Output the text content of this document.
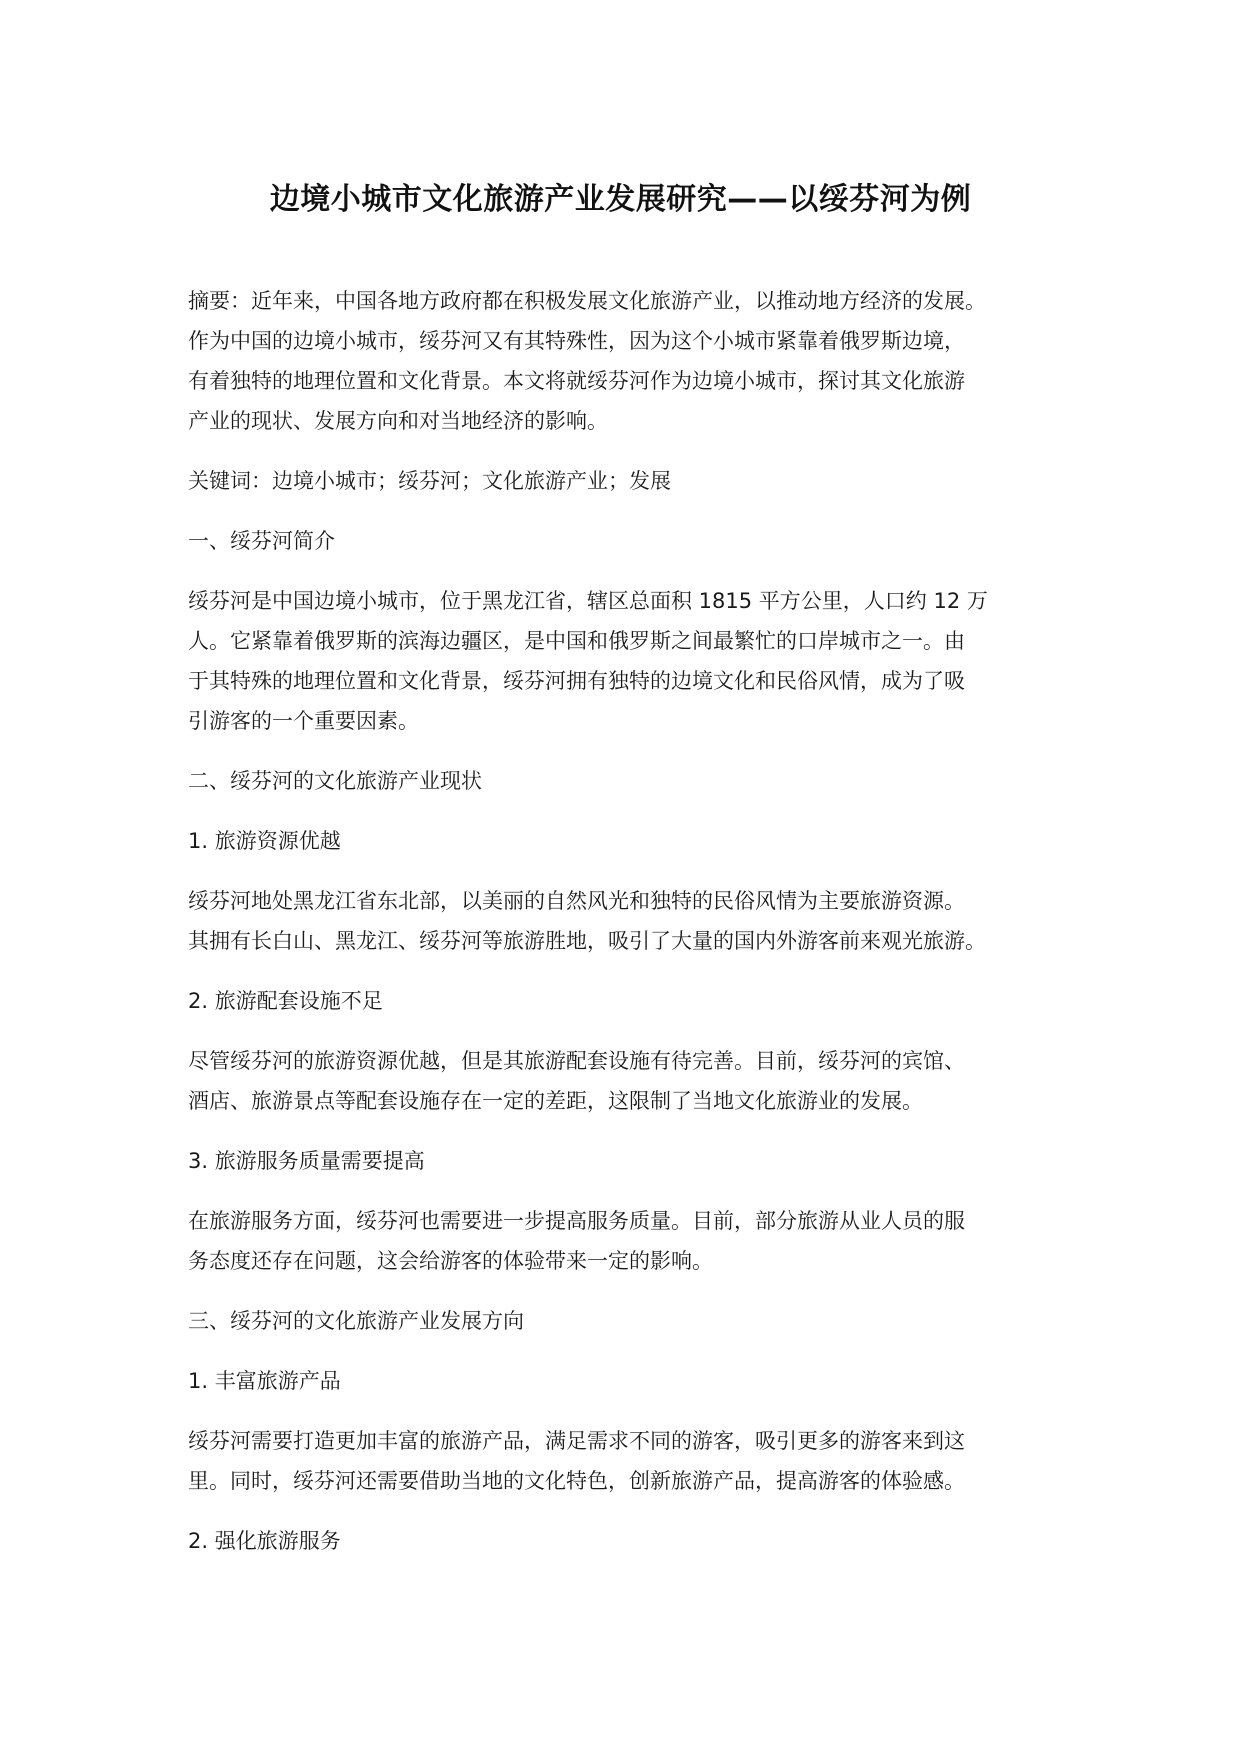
边境小城市文化旅游产业发展研究——以绥芬河为例

摘要：近年来，中国各地方政府都在积极发展文化旅游产业，以推动地方经济的发展。
作为中国的边境小城市，绥芬河又有其特殊性，因为这个小城市紧靠着俄罗斯边境，
有着独特的地理位置和文化背景。本文将就绥芬河作为边境小城市，探讨其文化旅游
产业的现状、发展方向和对当地经济的影响。

关键词：边境小城市；绥芬河；文化旅游产业；发展

一、绥芬河简介

绥芬河是中国边境小城市，位于黑龙江省，辖区总面积 1815 平方公里，人口约 12 万
人。它紧靠着俄罗斯的滨海边疆区，是中国和俄罗斯之间最繁忙的口岸城市之一。由
于其特殊的地理位置和文化背景，绥芬河拥有独特的边境文化和民俗风情，成为了吸
引游客的一个重要因素。

二、绥芬河的文化旅游产业现状

1. 旅游资源优越

绥芬河地处黑龙江省东北部，以美丽的自然风光和独特的民俗风情为主要旅游资源。
其拥有长白山、黑龙江、绥芬河等旅游胜地，吸引了大量的国内外游客前来观光旅游。

2. 旅游配套设施不足

尽管绥芬河的旅游资源优越，但是其旅游配套设施有待完善。目前，绥芬河的宾馆、
酒店、旅游景点等配套设施存在一定的差距，这限制了当地文化旅游业的发展。

3. 旅游服务质量需要提高

在旅游服务方面，绥芬河也需要进一步提高服务质量。目前，部分旅游从业人员的服
务态度还存在问题，这会给游客的体验带来一定的影响。

三、绥芬河的文化旅游产业发展方向

1. 丰富旅游产品

绥芬河需要打造更加丰富的旅游产品，满足需求不同的游客，吸引更多的游客来到这
里。同时，绥芬河还需要借助当地的文化特色，创新旅游产品，提高游客的体验感。

2. 强化旅游服务
